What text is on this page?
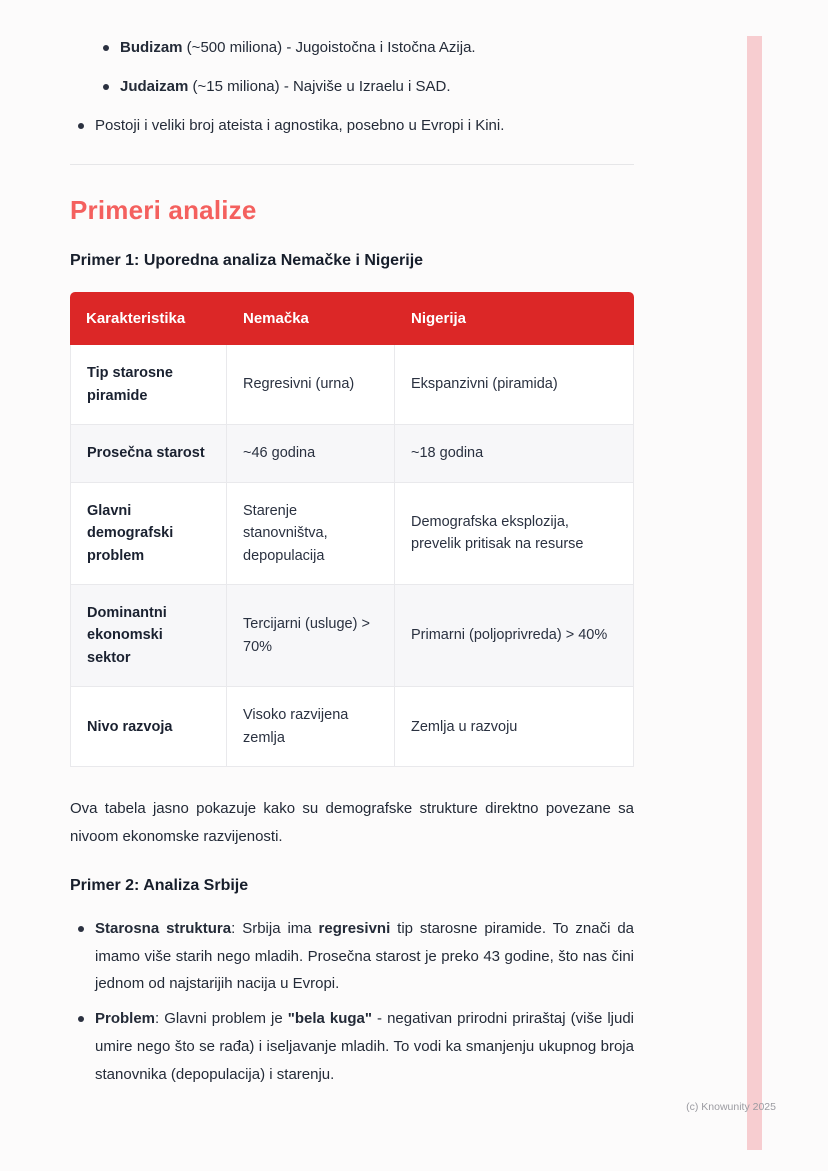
Budizam (~500 miliona) - Jugoistočna i Istočna Azija.
Judaizam (~15 miliona) - Najviše u Izraelu i SAD.
Postoji i veliki broj ateista i agnostika, posebno u Evropi i Kini.
Primeri analize
Primer 1: Uporedna analiza Nemačke i Nigerije
Karakteristika	Nemačka	Nigerija
Tip starosne piramide	Regresivni (urna)	Ekspanzivni (piramida)
Prosečna starost	~46 godina	~18 godina
Glavni demografski problem	Starenje stanovništva, depopulacija	Demografska eksplozija, prevelik pritisak na resurse
Dominantni ekonomski sektor	Tercijarni (usluge) > 70%	Primarni (poljoprivreda) > 40%
Nivo razvoja	Visoko razvijena zemlja	Zemlja u razvoju

Ova tabela jasno pokazuje kako su demografske strukture direktno povezane sa nivoom ekonomske razvijenosti.

Primer 2: Analiza Srbije
Starosna struktura: Srbija ima regresivni tip starosne piramide. To znači da imamo više starih nego mladih. Prosečna starost je preko 43 godine, što nas čini jednom od najstarijih nacija u Evropi.
Problem: Glavni problem je "bela kuga" - negativan prirodni priraštaj (više ljudi umire nego što se rađa) i iseljavanje mladih. To vodi ka smanjenju ukupnog broja stanovnika (depopulacija) i starenju.
(c) Knowunity 2025
